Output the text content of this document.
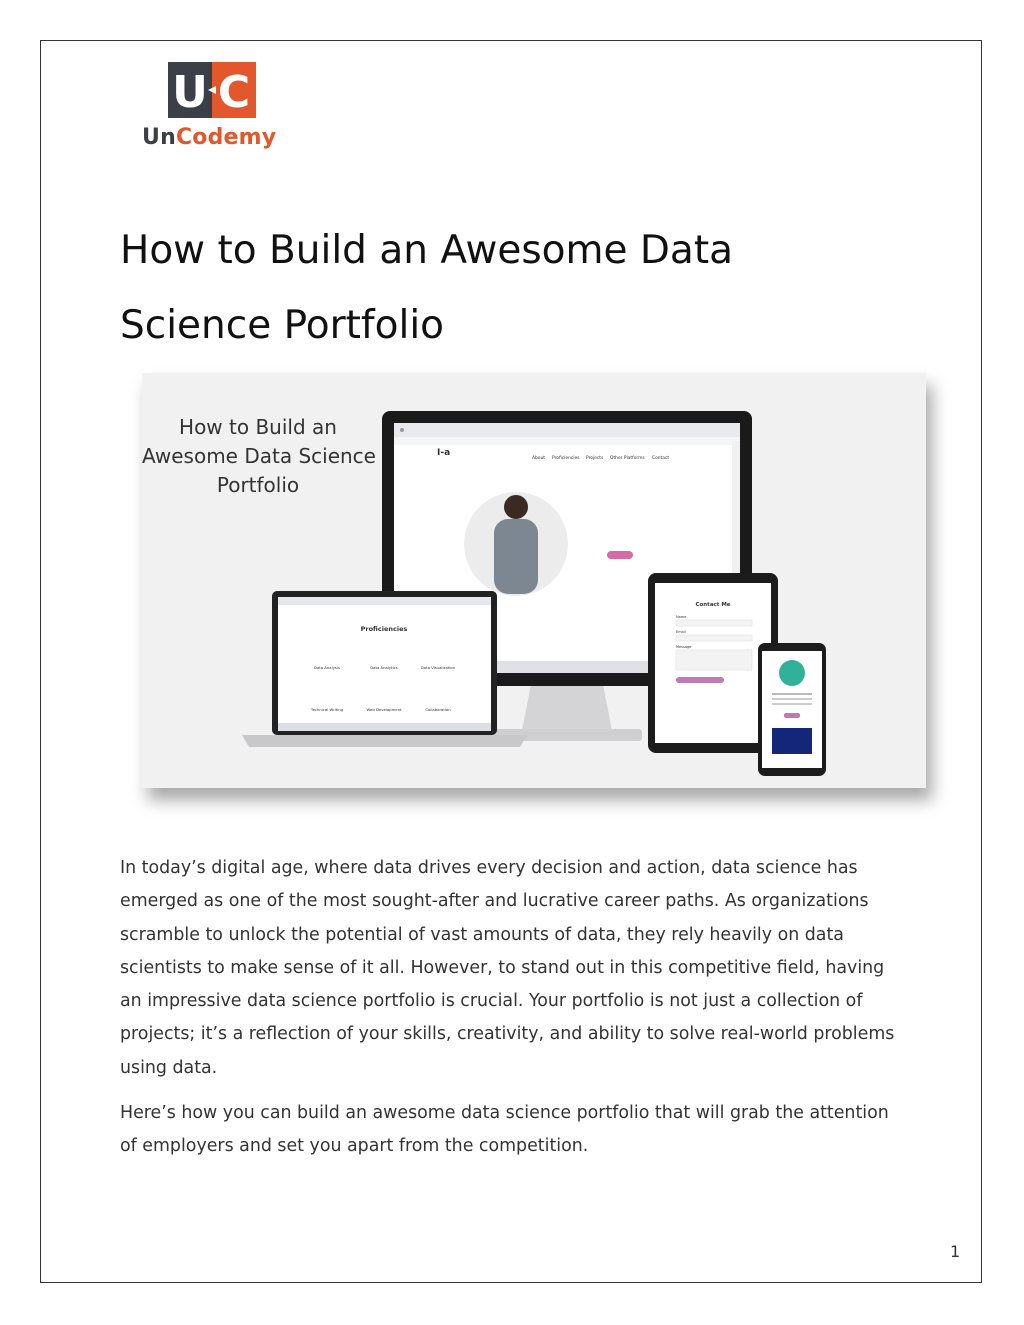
U C
UnCodemy
How to Build an Awesome Data
Science Portfolio
How to Build an
Awesome Data Science
Portfolio
I-a
About Proficiencies Projects Other Platforms Contact
Proficiencies
Data Analysis	Data Analytics	Data Visualization
Technical Writing	Web Development	Collaboration
Contact Me
Name
Email
Message

In today’s digital age, where data drives every decision and action, data science has emerged as one of the most sought-after and lucrative career paths. As organizations scramble to unlock the potential of vast amounts of data, they rely heavily on data scientists to make sense of it all. However, to stand out in this competitive field, having an impressive data science portfolio is crucial. Your portfolio is not just a collection of projects; it’s a reflection of your skills, creativity, and ability to solve real-world problems using data.

Here’s how you can build an awesome data science portfolio that will grab the attention of employers and set you apart from the competition.

1
